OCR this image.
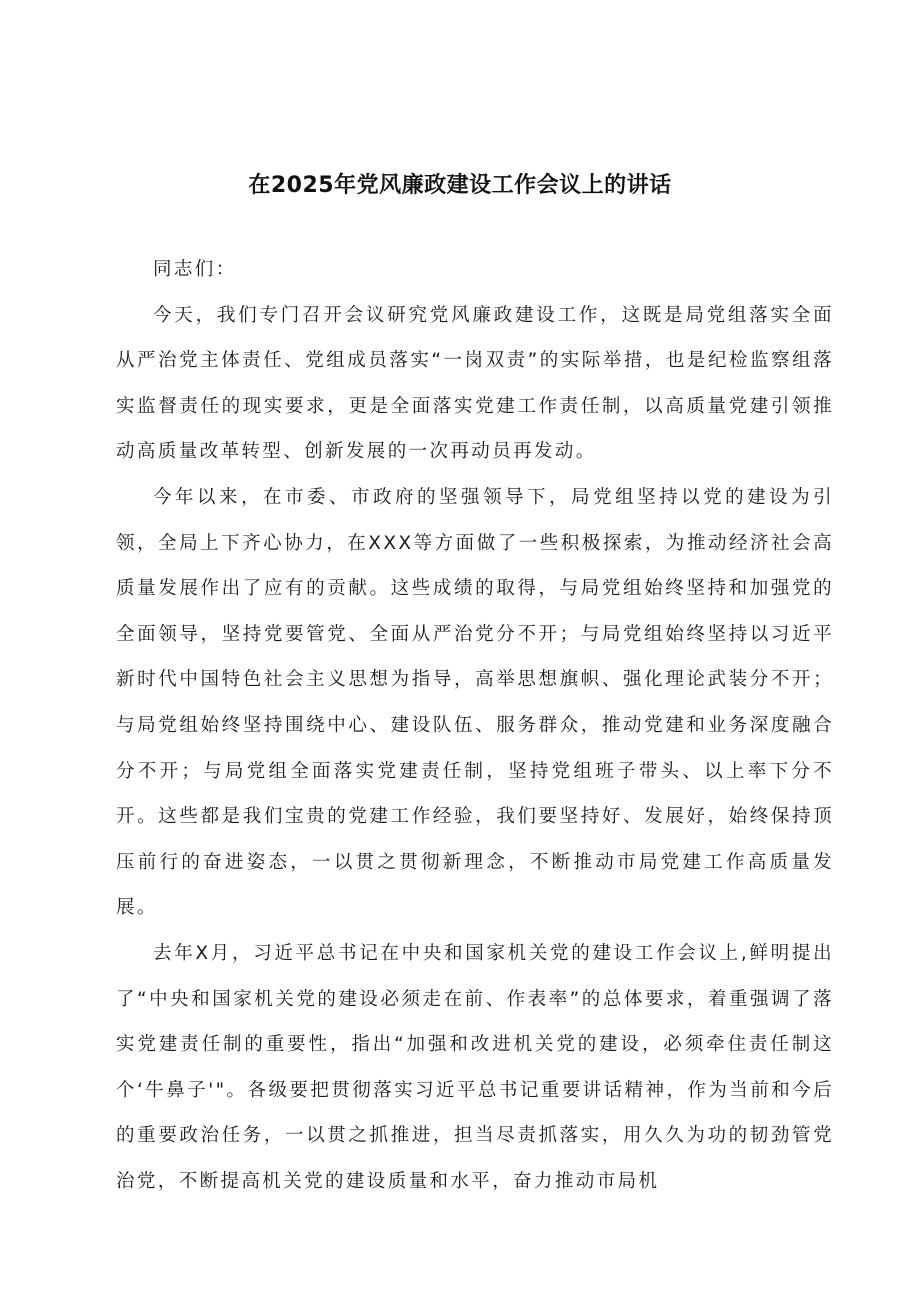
在2025年党风廉政建设工作会议上的讲话

同志们：

今天，我们专门召开会议研究党风廉政建设工作，这既是局党组落实全面从严治党主体责任、党组成员落实“一岗双责”的实际举措，也是纪检监察组落实监督责任的现实要求，更是全面落实党建工作责任制，以高质量党建引领推动高质量改革转型、创新发展的一次再动员再发动。

今年以来，在市委、市政府的坚强领导下，局党组坚持以党的建设为引领，全局上下齐心协力，在XXX等方面做了一些积极探索，为推动经济社会高质量发展作出了应有的贡献。这些成绩的取得，与局党组始终坚持和加强党的全面领导，坚持党要管党、全面从严治党分不开；与局党组始终坚持以习近平新时代中国特色社会主义思想为指导，高举思想旗帜、强化理论武装分不开；与局党组始终坚持围绕中心、建设队伍、服务群众，推动党建和业务深度融合分不开；与局党组全面落实党建责任制，坚持党组班子带头、以上率下分不开。这些都是我们宝贵的党建工作经验，我们要坚持好、发展好，始终保持顶压前行的奋进姿态，一以贯之贯彻新理念，不断推动市局党建工作高质量发展。

去年X月，习近平总书记在中央和国家机关党的建设工作会议上,鲜明提出了“中央和国家机关党的建设必须走在前、作表率”的总体要求，着重强调了落实党建责任制的重要性，指出“加强和改进机关党的建设，必须牵住责任制这个‘牛鼻子'"。各级要把贯彻落实习近平总书记重要讲话精神，作为当前和今后的重要政治任务，一以贯之抓推进，担当尽责抓落实，用久久为功的韧劲管党治党，不断提高机关党的建设质量和水平，奋力推动市局机
